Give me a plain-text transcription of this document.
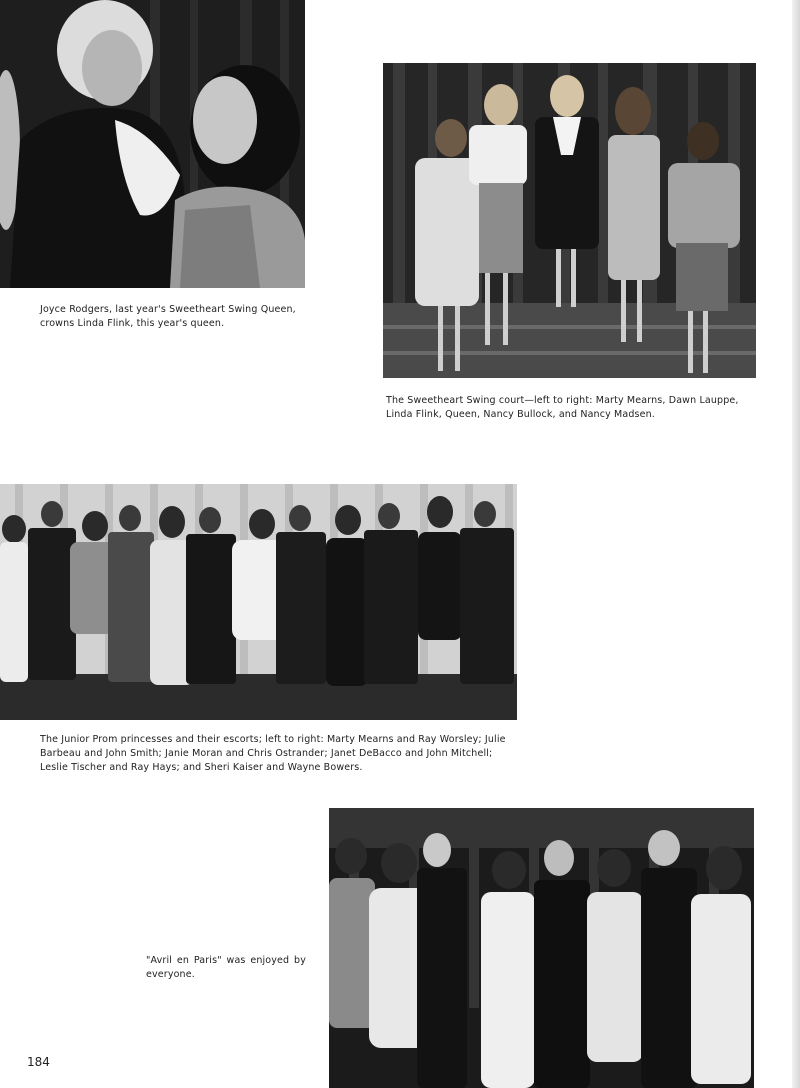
Joyce Rodgers, last year's Sweetheart Swing Queen, crowns Linda Flink, this year's queen.
The Sweetheart Swing court—left to right: Marty Mearns, Dawn Lauppe, Linda Flink, Queen, Nancy Bullock, and Nancy Madsen.
The Junior Prom princesses and their escorts; left to right: Marty Mearns and Ray Worsley; Julie Barbeau and John Smith; Janie Moran and Chris Ostrander; Janet DeBacco and John Mitchell; Leslie Tischer and Ray Hays; and Sheri Kaiser and Wayne Bowers.
"Avril en Paris" was enjoyed by everyone.
184
